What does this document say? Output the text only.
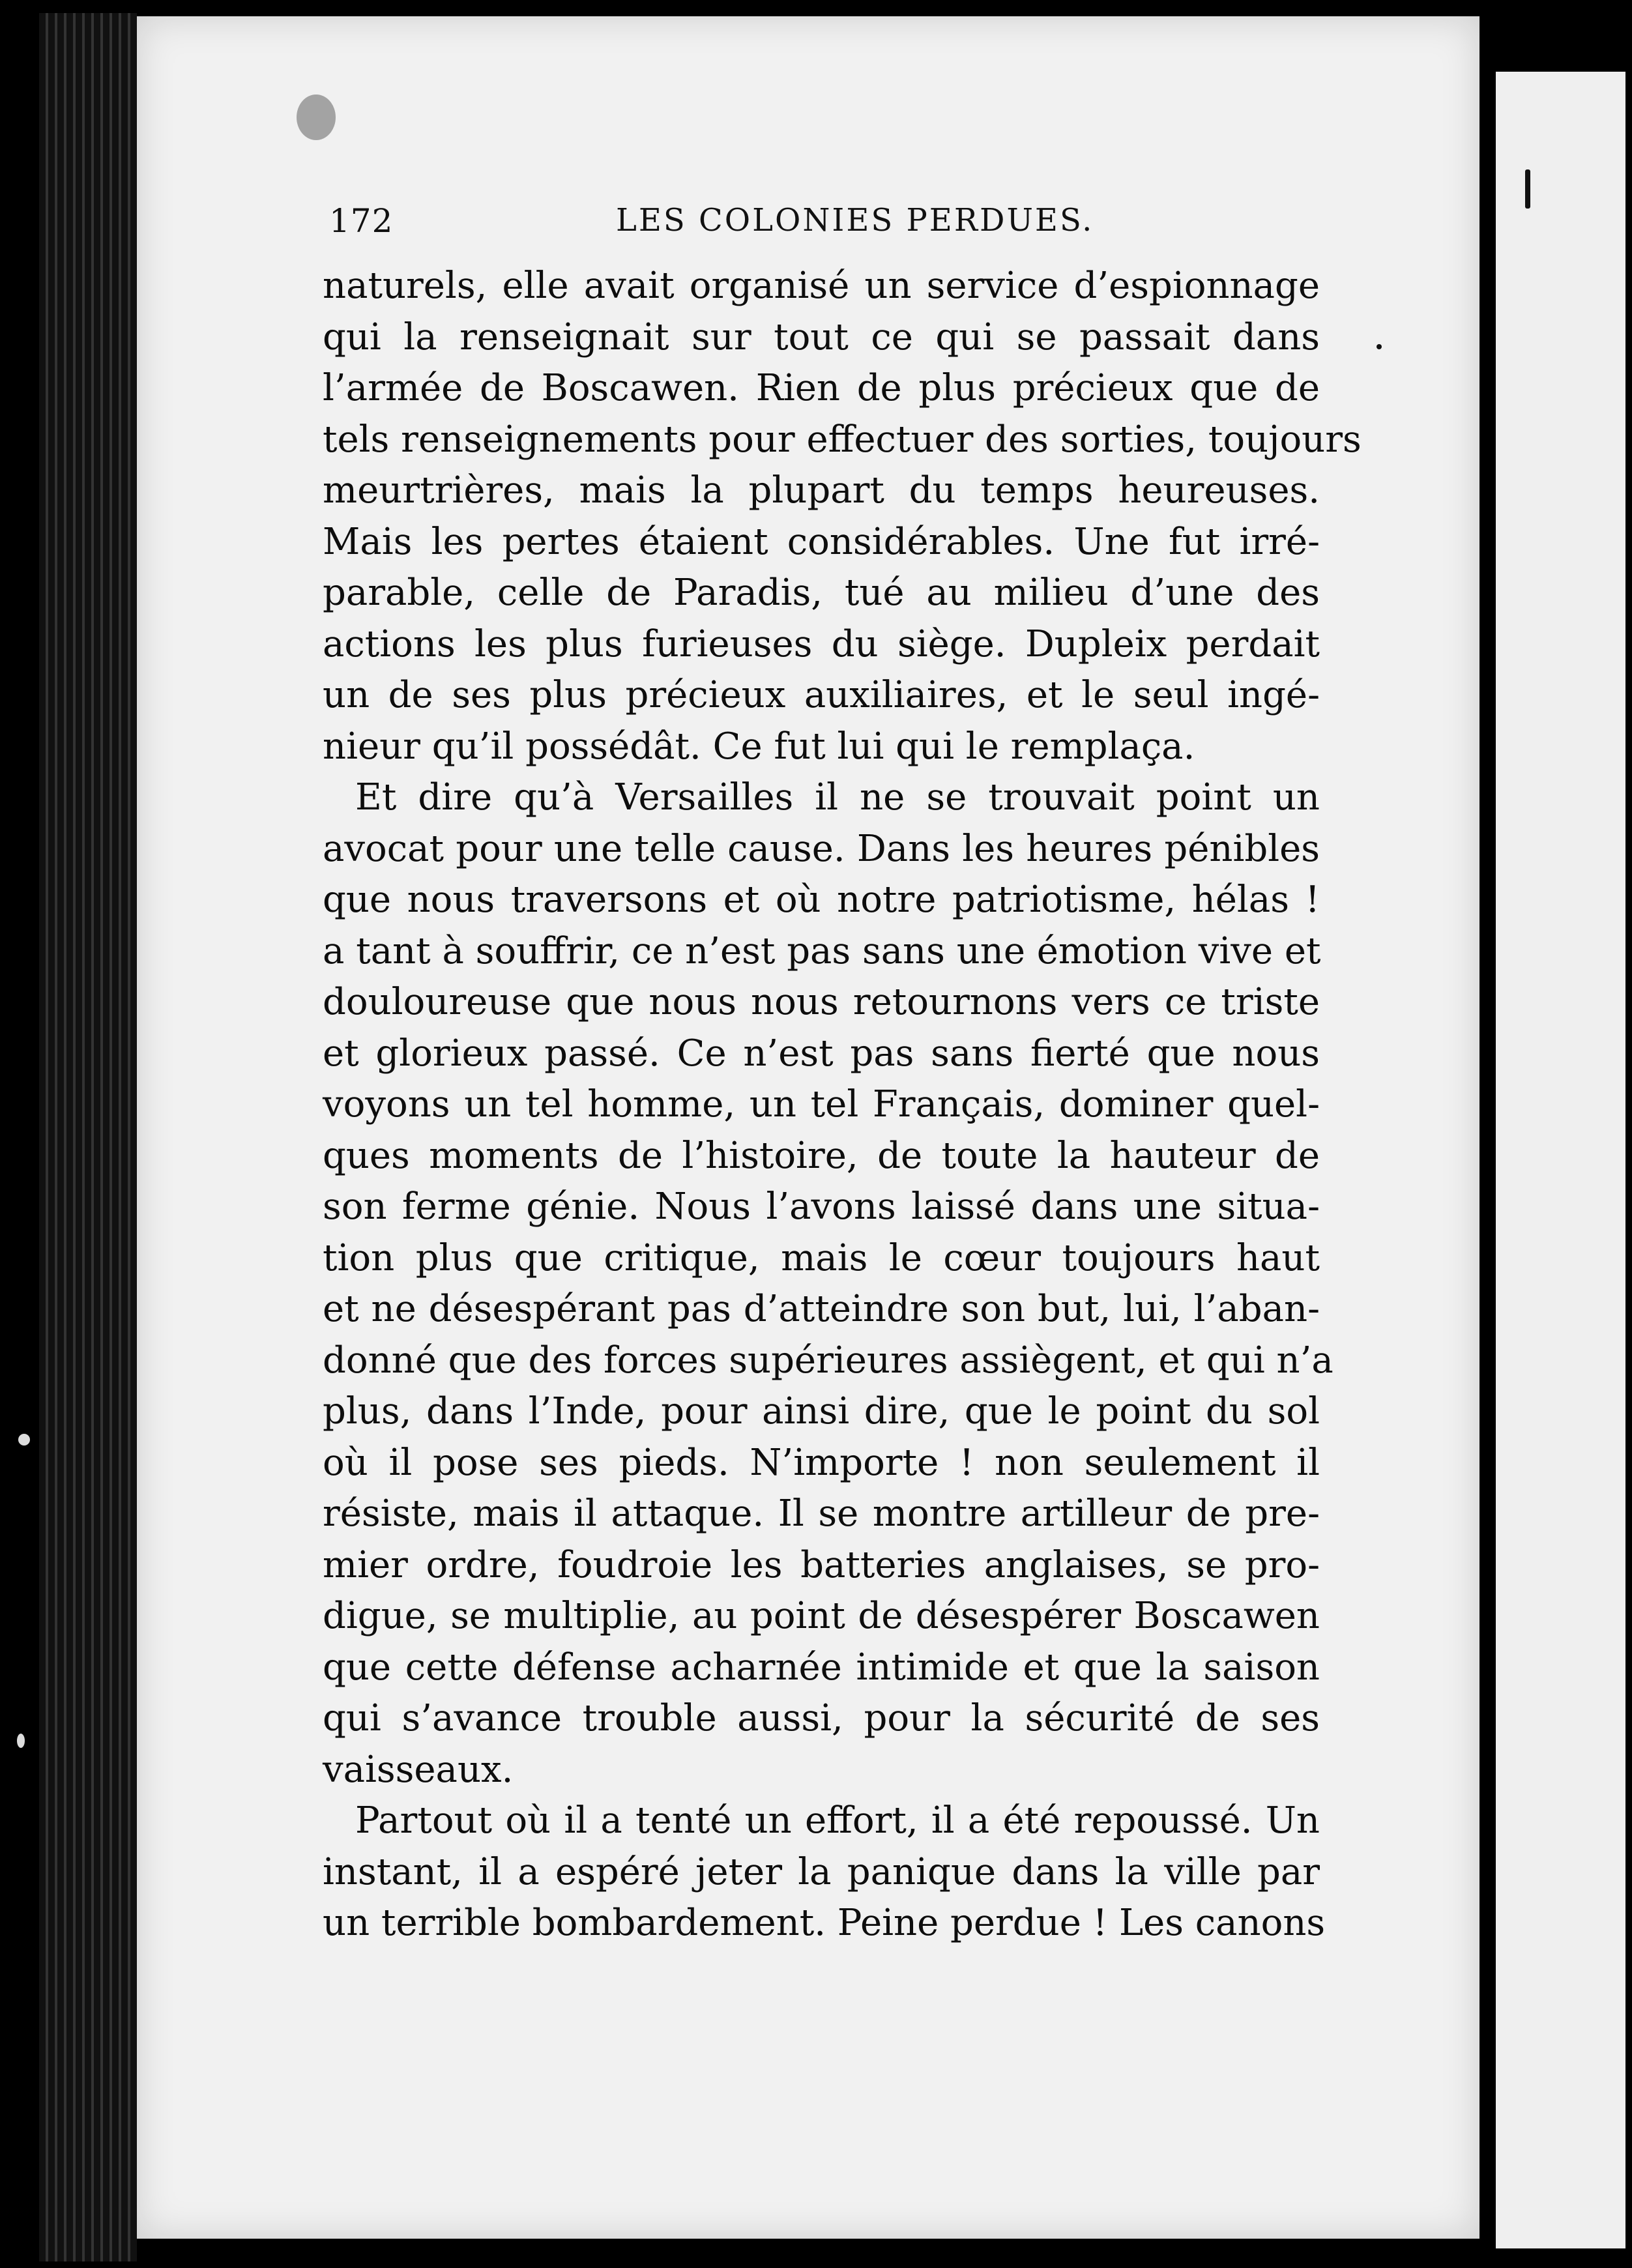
172	LES COLONIES PERDUES.
naturels, elle avait organisé un service d’espionnage
qui la renseignait sur tout ce qui se passait dans
l’armée de Boscawen. Rien de plus précieux que de
tels renseignements pour effectuer des sorties, toujours
meurtrières, mais la plupart du temps heureuses.
Mais les pertes étaient considérables. Une fut irré-
parable, celle de Paradis, tué au milieu d’une des
actions les plus furieuses du siège. Dupleix perdait
un de ses plus précieux auxiliaires, et le seul ingé-
nieur qu’il possédât. Ce fut lui qui le remplaça.
Et dire qu’à Versailles il ne se trouvait point un
avocat pour une telle cause. Dans les heures pénibles
que nous traversons et où notre patriotisme, hélas !
a tant à souffrir, ce n’est pas sans une émotion vive et
douloureuse que nous nous retournons vers ce triste
et glorieux passé. Ce n’est pas sans fierté que nous
voyons un tel homme, un tel Français, dominer quel-
ques moments de l’histoire, de toute la hauteur de
son ferme génie. Nous l’avons laissé dans une situa-
tion plus que critique, mais le cœur toujours haut
et ne désespérant pas d’atteindre son but, lui, l’aban-
donné que des forces supérieures assiègent, et qui n’a
plus, dans l’Inde, pour ainsi dire, que le point du sol
où il pose ses pieds. N’importe ! non seulement il
résiste, mais il attaque. Il se montre artilleur de pre-
mier ordre, foudroie les batteries anglaises, se pro-
digue, se multiplie, au point de désespérer Boscawen
que cette défense acharnée intimide et que la saison
qui s’avance trouble aussi, pour la sécurité de ses
vaisseaux.
Partout où il a tenté un effort, il a été repoussé. Un
instant, il a espéré jeter la panique dans la ville par
un terrible bombardement. Peine perdue ! Les canons
